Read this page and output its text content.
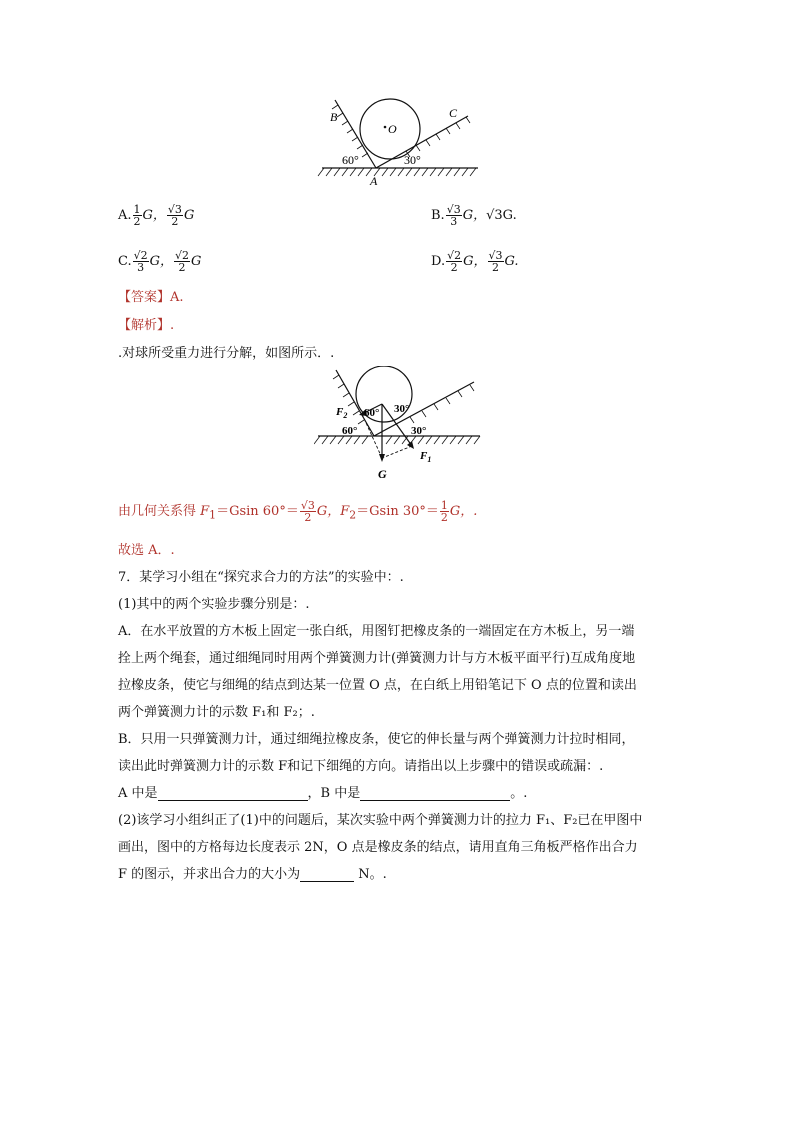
B
O
C
A
60°	30°
A. $\frac{1}{2}$ G， $\frac{√3}{2}$ G	B. $\frac{√3}{3}$ G，√3G.
C. $\frac{√2}{3}$ G， $\frac{√2}{2}$ G	D. $\frac{√2}{2}$ G， $\frac{√3}{2} G$.
【答案】A.
【解析】.
.对球所受重力进行分解，如图所示．.
$F_2$ 60° 30°
60°	30°
$F_1$
G
由几何关系得 $F_1=Gsin$ $60^\circ= \frac{√3}{2}$ G，$F_2=Gsin$ $30^\circ= \frac{1}{2}$ G，.
故选 A．.
7．某学习小组在“探究求合力的方法”的实验中：.
(1)其中的两个实验步骤分别是：.
A．在水平放置的方木板上固定一张白纸，用图钉把橡皮条的一端固定在方木板上，另一端
拴上两个绳套，通过细绳同时用两个弹簧测力计(弹簧测力计与方木板平面平行)互成角度地
拉橡皮条，使它与细绳的结点到达某一位置 O 点，在白纸上用铅笔记下 O 点的位置和读出
两个弹簧测力计的示数 F₁和 F₂；.
B．只用一只弹簧测力计，通过细绳拉橡皮条，使它的伸长量与两个弹簧测力计拉时相同，
读出此时弹簧测力计的示数 F和记下细绳的方向。请指出以上步骤中的错误或疏漏：.
A 中是	，B 中是	。.
(2)该学习小组纠正了(1)中的问题后，某次实验中两个弹簧测力计的拉力 F₁、F₂已在甲图中
画出，图中的方格每边长度表示 2N，O 点是橡皮条的结点，请用直角三角板严格作出合力
F 的图示，并求出合力的大小为	N。.
